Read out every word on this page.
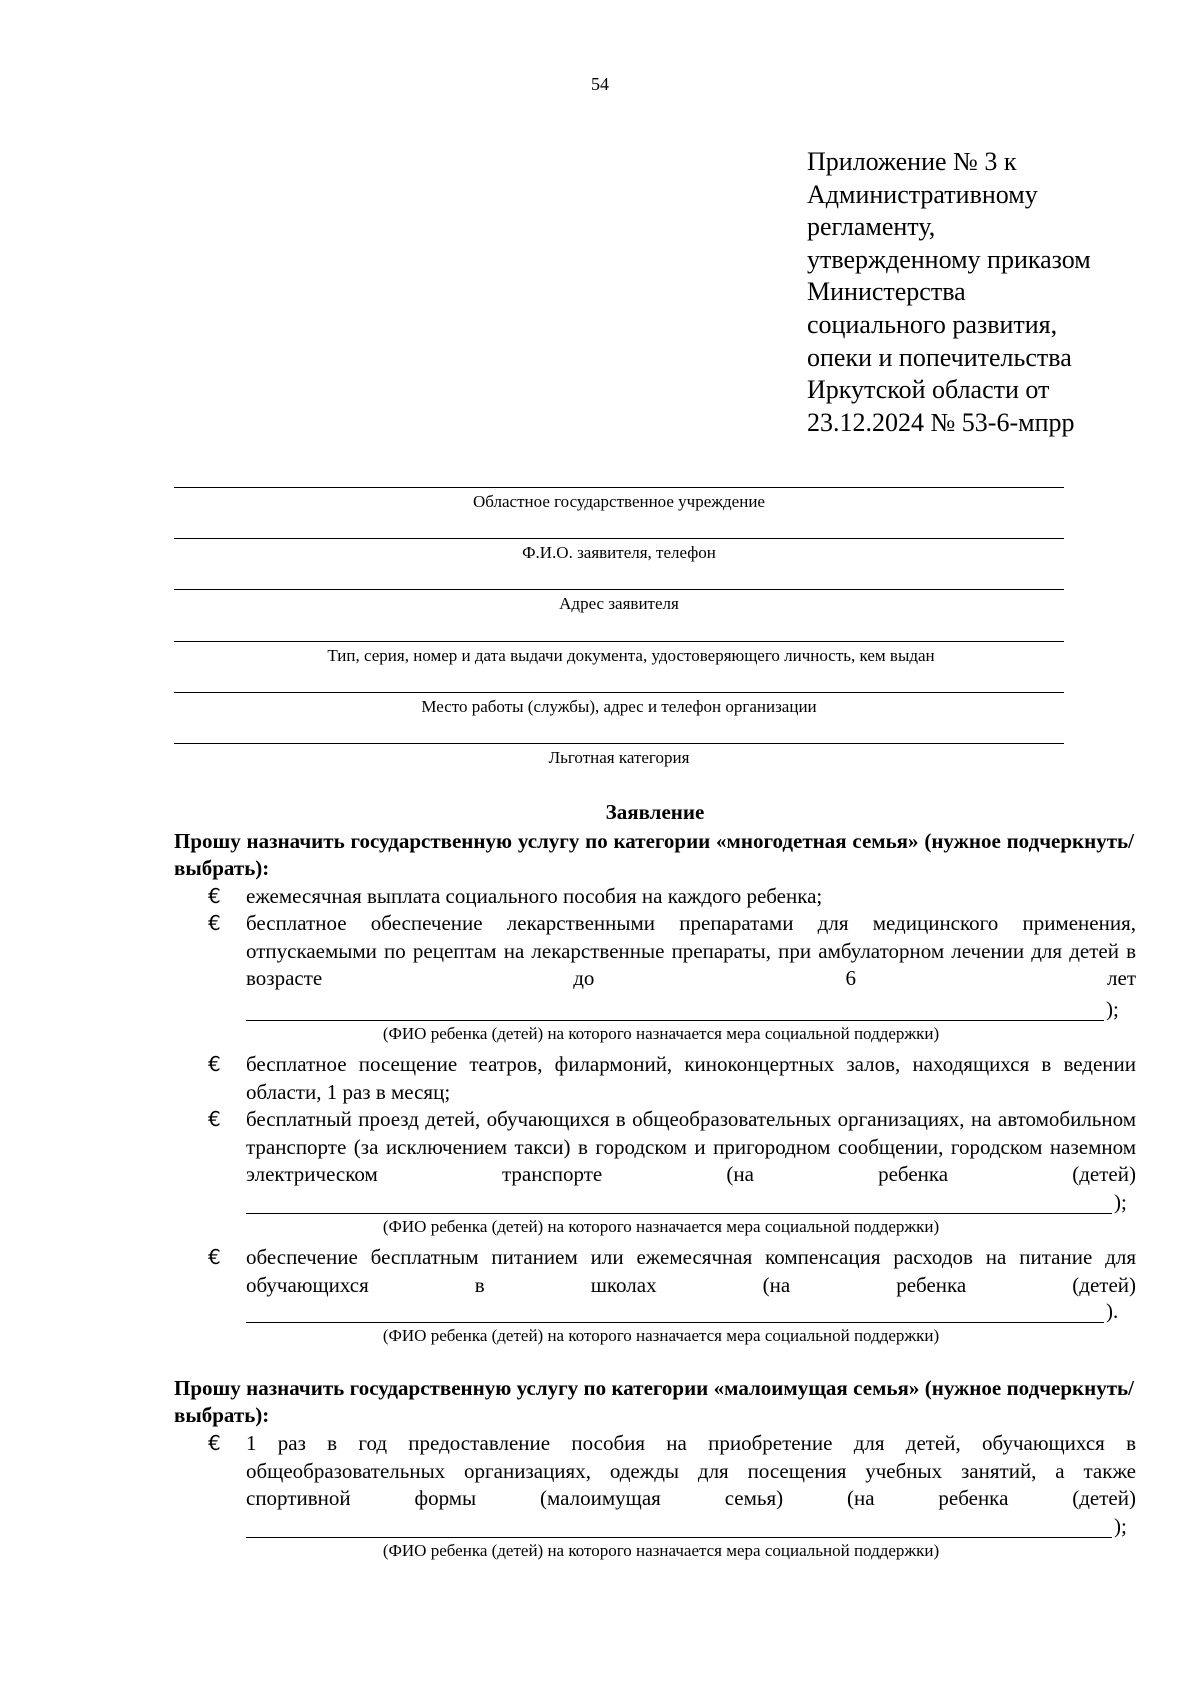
54
Приложение № 3 к
Административному
регламенту,
утвержденному приказом
Министерства
социального развития,
опеки и попечительства
Иркутской области от
23.12.2024 № 53-6-мпрр
Областное государственное учреждение
Ф.И.О. заявителя, телефон
Адрес заявителя
Тип, серия, номер и дата выдачи документа, удостоверяющего личность, кем выдан
Место работы (службы), адрес и телефон организации
Льготная категория
Заявление
Прошу назначить государственную услугу по категории «многодетная семья» (нужное подчеркнуть/выбрать):
€ ежемесячная выплата социального пособия на каждого ребенка;
€ бесплатное обеспечение лекарственными препаратами для медицинского применения, отпускаемыми по рецептам на лекарственные препараты, при амбулаторном лечении для детей в возрасте до 6 лет
);
(ФИО ребенка (детей) на которого назначается мера социальной поддержки)
€ бесплатное посещение театров, филармоний, киноконцертных залов, находящихся в ведении области, 1 раз в месяц;
€ бесплатный проезд детей, обучающихся в общеобразовательных организациях, на автомобильном транспорте (за исключением такси) в городском и пригородном сообщении, городском наземном электрическом транспорте (на ребенка (детей)
);
(ФИО ребенка (детей) на которого назначается мера социальной поддержки)
€ обеспечение бесплатным питанием или ежемесячная компенсация расходов на питание для обучающихся в школах (на ребенка (детей)
).
(ФИО ребенка (детей) на которого назначается мера социальной поддержки)
Прошу назначить государственную услугу по категории «малоимущая семья» (нужное подчеркнуть/выбрать):
€ 1 раз в год предоставление пособия на приобретение для детей, обучающихся в общеобразовательных организациях, одежды для посещения учебных занятий, а также спортивной формы (малоимущая семья) (на ребенка (детей)
);
(ФИО ребенка (детей) на которого назначается мера социальной поддержки)
